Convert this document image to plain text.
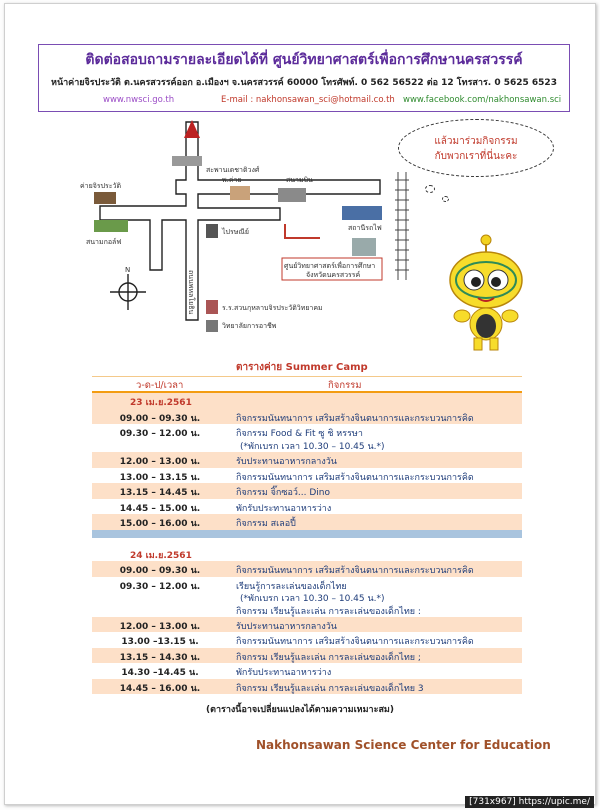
ติดต่อสอบถามรายละเอียดได้ที่ ศูนย์วิทยาศาสตร์เพื่อการศึกษานครสวรรค์
หน้าค่ายจิรประวัติ ต.นครสวรรค์ออก อ.เมืองฯ จ.นครสวรรค์ 60000 โทรศัพท์. 0 562 56522 ต่อ 12 โทรสาร. 0 5625 6523
www.nwsci.go.th	E-mail : nakhonsawan_sci@hotmail.co.th www.facebook.com/nakhonsawan.sci
N
สะพานเดชาติวงศ์
ค่ายจิรประวัติ
พ.ค่าย	สนามบิน
สนามกอล์ฟ
ไปรษณีย์	สถานีรถไฟ
ศูนย์วิทยาศาสตร์เพื่อการศึกษา
จังหวัดนครสวรรค์
ร.ร.สวนกุหลาบจิรประวัติวิทยาคม
วิทยาลัยการอาชีพ
ถนนพหลโยธิน
แล้วมาร่วมกิจกรรม
กับพวกเราที่นี่นะคะ
ตารางค่าย Summer Camp
ว-ด-ป/เวลา	กิจกรรม
23 เม.ย.2561
09.00 – 09.30 น.	กิจกรรมนันทนาการ เสริมสร้างจินตนาการและกระบวนการคิด
09.30 – 12.00 น.	กิจกรรม Food & Fit ซู ชิ หรรษา
(*พักเบรก เวลา 10.30 – 10.45 น.*)
12.00 – 13.00 น.	รับประทานอาหารกลางวัน
13.00 – 13.15 น.	กิจกรรมนันทนาการ เสริมสร้างจินตนาการและกระบวนการคิด
13.15 – 14.45 น.	กิจกรรม จิ๊กซอว์... Dino
14.45 – 15.00 น.	พักรับประทานอาหารว่าง
15.00 – 16.00 น.	กิจกรรม สเลอปี้
24 เม.ย.2561
09.00 – 09.30 น.	กิจกรรมนันทนาการ เสริมสร้างจินตนาการและกระบวนการคิด
09.30 – 12.00 น.	เรียนรู้การละเล่นของเด็กไทย
(*พักเบรก เวลา 10.30 – 10.45 น.*)
กิจกรรม เรียนรู้และเล่น การละเล่นของเด็กไทย :
12.00 – 13.00 น.	รับประทานอาหารกลางวัน
13.00 –13.15 น.	กิจกรรมนันทนาการ เสริมสร้างจินตนาการและกระบวนการคิด
13.15 – 14.30 น.	กิจกรรม เรียนรู้และเล่น การละเล่นของเด็กไทย ;
14.30 –14.45 น.	พักรับประทานอาหารว่าง
14.45 – 16.00 น.	กิจกรรม เรียนรู้และเล่น การละเล่นของเด็กไทย 3
(ตารางนี้อาจเปลี่ยนแปลงได้ตามความเหมาะสม)
Nakhonsawan Science Center for Education
[731x967] https://upic.me/
